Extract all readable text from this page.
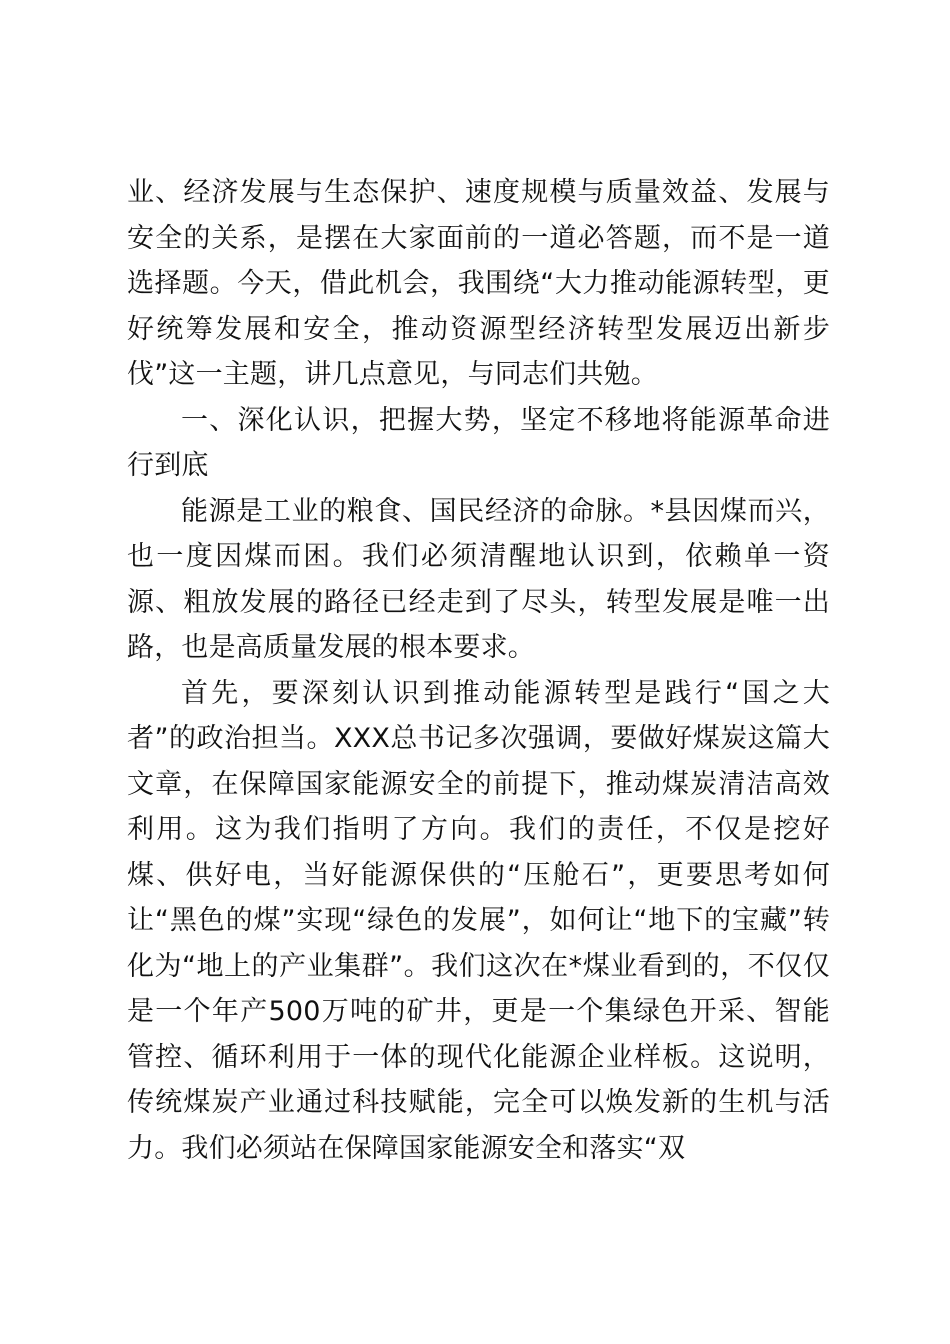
业、经济发展与生态保护、速度规模与质量效益、发展与安全的关系，是摆在大家面前的一道必答题，而不是一道选择题。今天，借此机会，我围绕“大力推动能源转型，更好统筹发展和安全，推动资源型经济转型发展迈出新步伐”这一主题，讲几点意见，与同志们共勉。

一、深化认识，把握大势，坚定不移地将能源革命进行到底

能源是工业的粮食、国民经济的命脉。*县因煤而兴，也一度因煤而困。我们必须清醒地认识到，依赖单一资源、粗放发展的路径已经走到了尽头，转型发展是唯一出路，也是高质量发展的根本要求。

首先，要深刻认识到推动能源转型是践行“国之大者”的政治担当。XXX总书记多次强调，要做好煤炭这篇大文章，在保障国家能源安全的前提下，推动煤炭清洁高效利用。这为我们指明了方向。我们的责任，不仅是挖好煤、供好电，当好能源保供的“压舱石”，更要思考如何让“黑色的煤”实现“绿色的发展”，如何让“地下的宝藏”转化为“地上的产业集群”。我们这次在*煤业看到的，不仅仅是一个年产500万吨的矿井，更是一个集绿色开采、智能管控、循环利用于一体的现代化能源企业样板。这说明，传统煤炭产业通过科技赋能，完全可以焕发新的生机与活力。我们必须站在保障国家能源安全和落实“双
